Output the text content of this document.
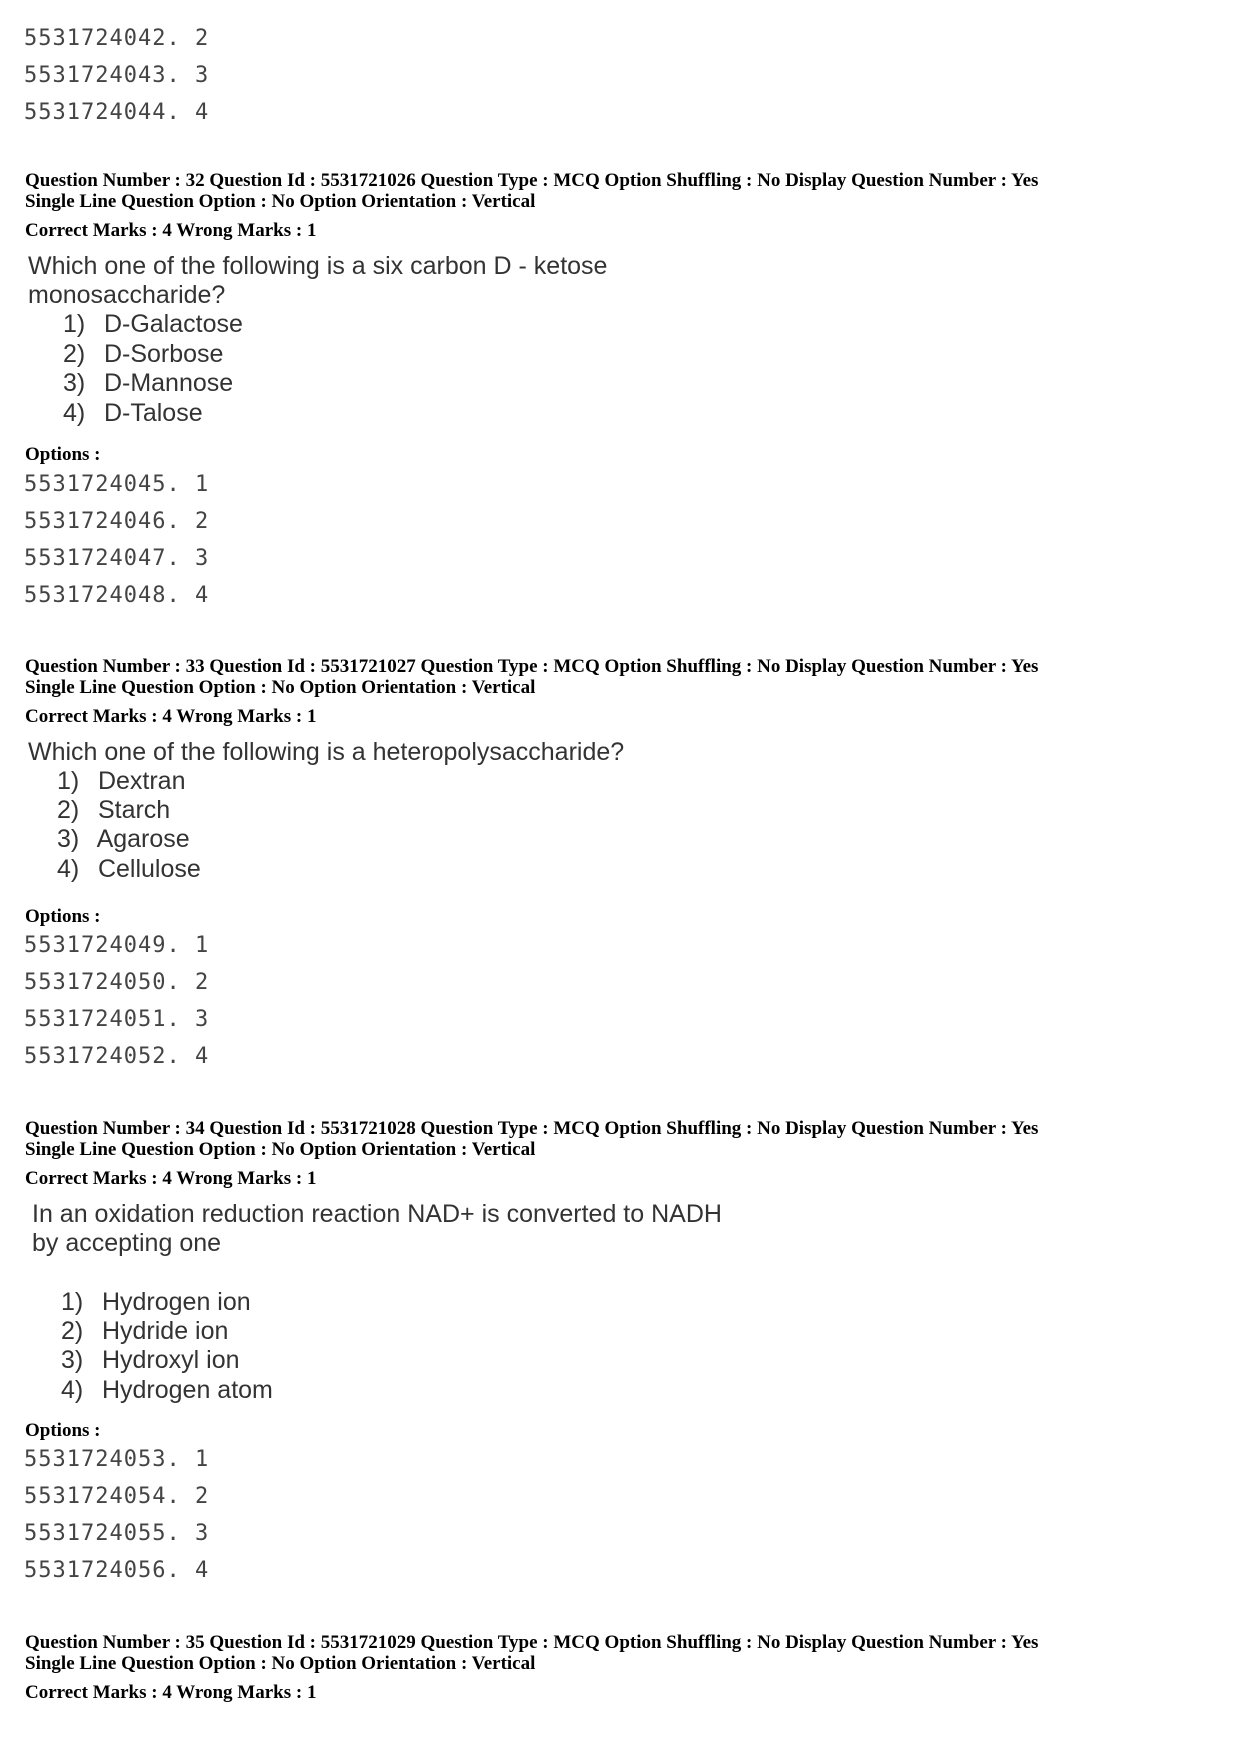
5531724042. 2
5531724043. 3
5531724044. 4
Question Number : 32 Question Id : 5531721026 Question Type : MCQ Option Shuffling : No Display Question Number : Yes
Single Line Question Option : No Option Orientation : Vertical
Correct Marks : 4 Wrong Marks : 1
Which one of the following is a six carbon D - ketose
monosaccharide?
1) D-Galactose
2) D-Sorbose
3) D-Mannose
4) D-Talose
Options :
5531724045. 1
5531724046. 2
5531724047. 3
5531724048. 4
Question Number : 33 Question Id : 5531721027 Question Type : MCQ Option Shuffling : No Display Question Number : Yes
Single Line Question Option : No Option Orientation : Vertical
Correct Marks : 4 Wrong Marks : 1
Which one of the following is a heteropolysaccharide?
1) Dextran
2) Starch
3) Agarose
4) Cellulose
Options :
5531724049. 1
5531724050. 2
5531724051. 3
5531724052. 4
Question Number : 34 Question Id : 5531721028 Question Type : MCQ Option Shuffling : No Display Question Number : Yes
Single Line Question Option : No Option Orientation : Vertical
Correct Marks : 4 Wrong Marks : 1
In an oxidation reduction reaction NAD+ is converted to NADH
by accepting one
1) Hydrogen ion
2) Hydride ion
3) Hydroxyl ion
4) Hydrogen atom
Options :
5531724053. 1
5531724054. 2
5531724055. 3
5531724056. 4
Question Number : 35 Question Id : 5531721029 Question Type : MCQ Option Shuffling : No Display Question Number : Yes
Single Line Question Option : No Option Orientation : Vertical
Correct Marks : 4 Wrong Marks : 1
